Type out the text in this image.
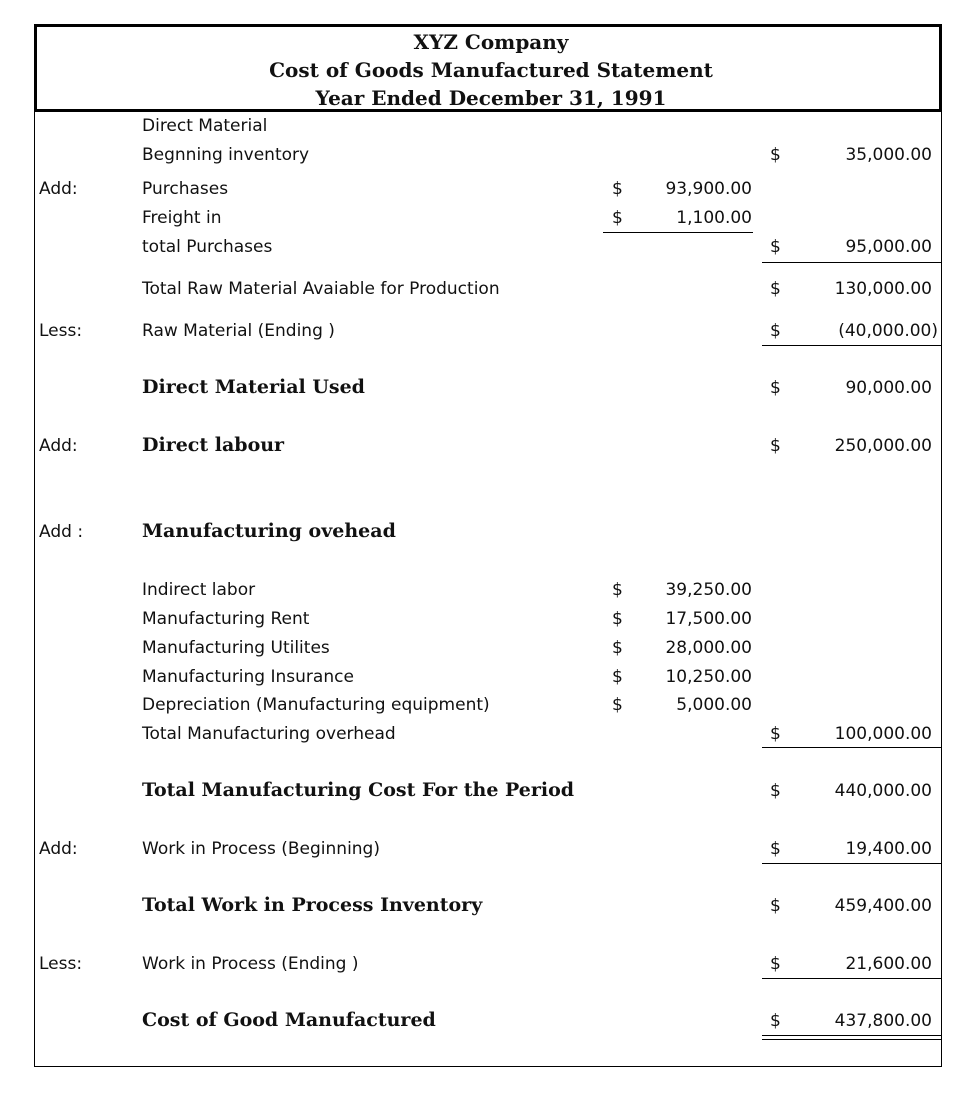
XYZ Company
Cost of Goods Manufactured Statement
Year Ended December 31, 1991
Direct Material
Begnning inventory	$	35,000.00
Add:	Purchases	$	93,900.00
Freight in	$	1,100.00
total Purchases	$	95,000.00
Total Raw Material Avaiable for Production	$	130,000.00
Less:	Raw Material (Ending )	$	(40,000.00)
Direct Material Used	$	90,000.00
Add:	Direct labour	$	250,000.00
Add :	Manufacturing ovehead
Indirect labor	$	39,250.00
Manufacturing Rent	$	17,500.00
Manufacturing Utilites	$	28,000.00
Manufacturing Insurance	$	10,250.00
Depreciation (Manufacturing equipment)	$	5,000.00
Total Manufacturing overhead	$	100,000.00
Total Manufacturing Cost For the Period	$	440,000.00
Add:	Work in Process (Beginning)	$	19,400.00
Total Work in Process Inventory	$	459,400.00
Less:	Work in Process (Ending )	$	21,600.00
Cost of Good Manufactured	$	437,800.00
